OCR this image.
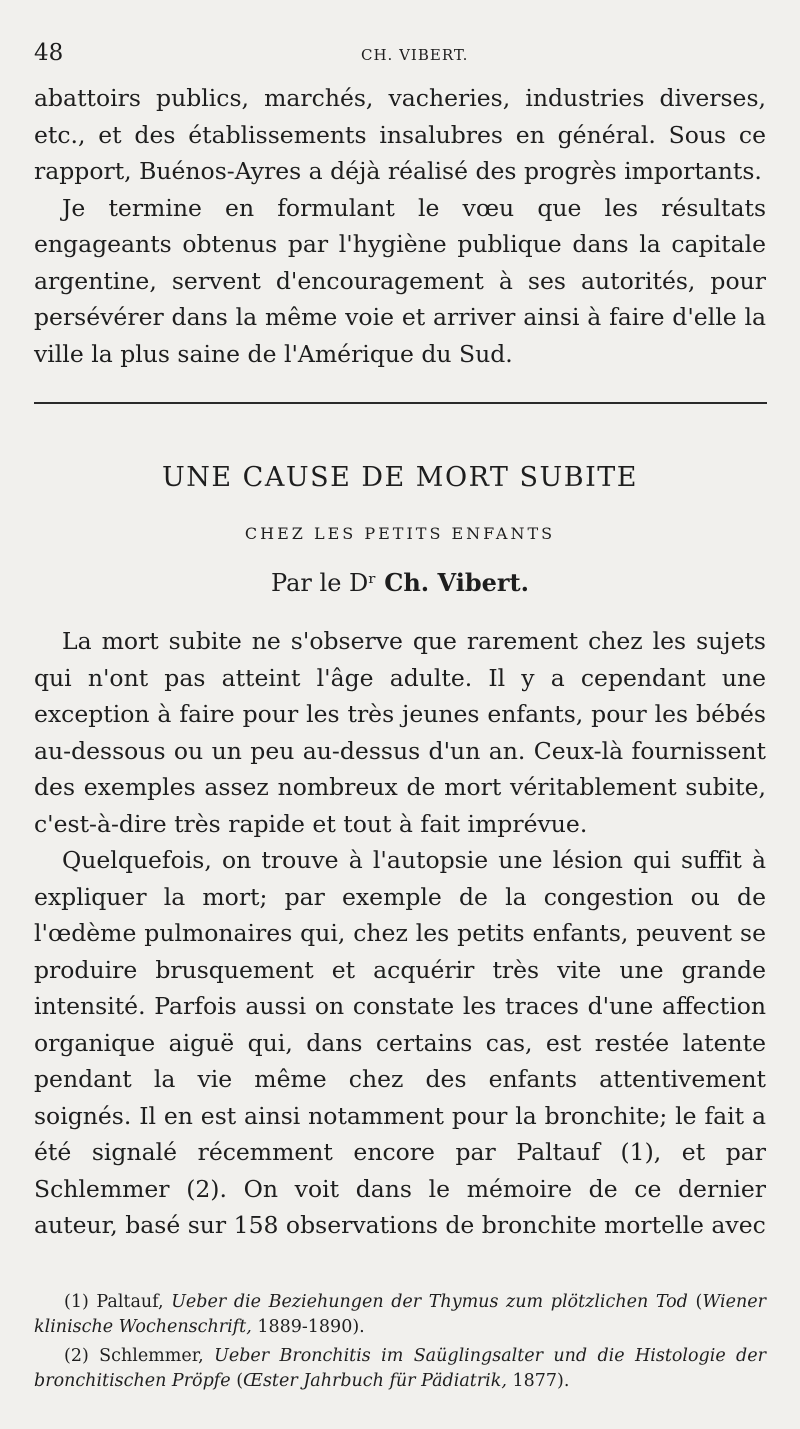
48	CH. VIBERT.

abattoirs publics, marchés, vacheries, industries diverses, etc., et des établissements insalubres en général. Sous ce rapport, Buénos-Ayres a déjà réalisé des progrès importants.

Je termine en formulant le vœu que les résultats engageants obtenus par l'hygiène publique dans la capitale argentine, servent d'encouragement à ses autorités, pour persévérer dans la même voie et arriver ainsi à faire d'elle la ville la plus saine de l'Amérique du Sud.

UNE CAUSE DE MORT SUBITE
CHEZ LES PETITS ENFANTS
Par le Dʳ Ch. Vibert.

La mort subite ne s'observe que rarement chez les sujets qui n'ont pas atteint l'âge adulte. Il y a cependant une exception à faire pour les très jeunes enfants, pour les bébés au-dessous ou un peu au-dessus d'un an. Ceux-là fournissent des exemples assez nombreux de mort véritablement subite, c'est-à-dire très rapide et tout à fait imprévue.

Quelquefois, on trouve à l'autopsie une lésion qui suffit à expliquer la mort; par exemple de la congestion ou de l'œdème pulmonaires qui, chez les petits enfants, peuvent se produire brusquement et acquérir très vite une grande intensité. Parfois aussi on constate les traces d'une affection organique aiguë qui, dans certains cas, est restée latente pendant la vie même chez des enfants attentivement soignés. Il en est ainsi notamment pour la bronchite; le fait a été signalé récemment encore par Paltauf (1), et par Schlemmer (2). On voit dans le mémoire de ce dernier auteur, basé sur 158 observations de bronchite mortelle avec

(1) Paltauf, Ueber die Beziehungen der Thymus zum plötzlichen Tod (Wiener klinische Wochenschrift, 1889-1890).

(2) Schlemmer, Ueber Bronchitis im Saüglingsalter und die Histologie der bronchitischen Pröpfe (Œster Jahrbuch für Pädiatrik, 1877).
